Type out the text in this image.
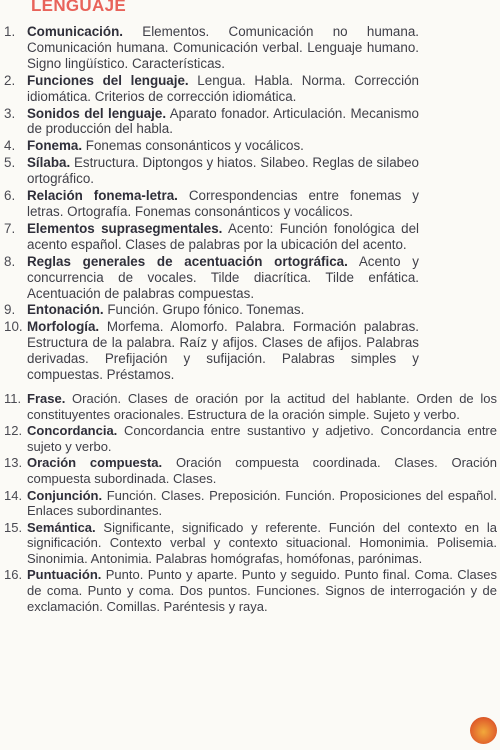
LENGUAJE
1. Comunicación. Elementos. Comunicación no humana. Comunicación humana. Comunicación verbal. Lenguaje humano. Signo lingüístico. Características.
2. Funciones del lenguaje. Lengua. Habla. Norma. Corrección idiomática. Criterios de corrección idiomática.
3. Sonidos del lenguaje. Aparato fonador. Articulación. Mecanismo de producción del habla.
4. Fonema. Fonemas consonánticos y vocálicos.
5. Sílaba. Estructura. Diptongos y hiatos. Silabeo. Reglas de silabeo ortográfico.
6. Relación fonema-letra. Correspondencias entre fonemas y letras. Ortografía. Fonemas consonánticos y vocálicos.
7. Elementos suprasegmentales. Acento: Función fonológica del acento español. Clases de palabras por la ubicación del acento.
8. Reglas generales de acentuación ortográfica. Acento y concurrencia de vocales. Tilde diacrítica. Tilde enfática. Acentuación de palabras compuestas.
9. Entonación. Función. Grupo fónico. Tonemas.
10. Morfología. Morfema. Alomorfo. Palabra. Formación palabras. Estructura de la palabra. Raíz y afijos. Clases de afijos. Palabras derivadas. Prefijación y sufijación. Palabras simples y compuestas. Préstamos.
11. Frase. Oración. Clases de oración por la actitud del hablante. Orden de los constituyentes oracionales. Estructura de la oración simple. Sujeto y verbo.
12. Concordancia. Concordancia entre sustantivo y adjetivo. Concordancia entre sujeto y verbo.
13. Oración compuesta. Oración compuesta coordinada. Clases. Oración compuesta subordinada. Clases.
14. Conjunción. Función. Clases. Preposición. Función. Proposiciones del español. Enlaces subordinantes.
15. Semántica. Significante, significado y referente. Función del contexto en la significación. Contexto verbal y contexto situacional. Homonimia. Polisemia. Sinonimia. Antonimia. Palabras homógrafas, homófonas, parónimas.
16. Puntuación. Punto. Punto y aparte. Punto y seguido. Punto final. Coma. Clases de coma. Punto y coma. Dos puntos. Funciones. Signos de interrogación y de exclamación. Comillas. Paréntesis y raya.
